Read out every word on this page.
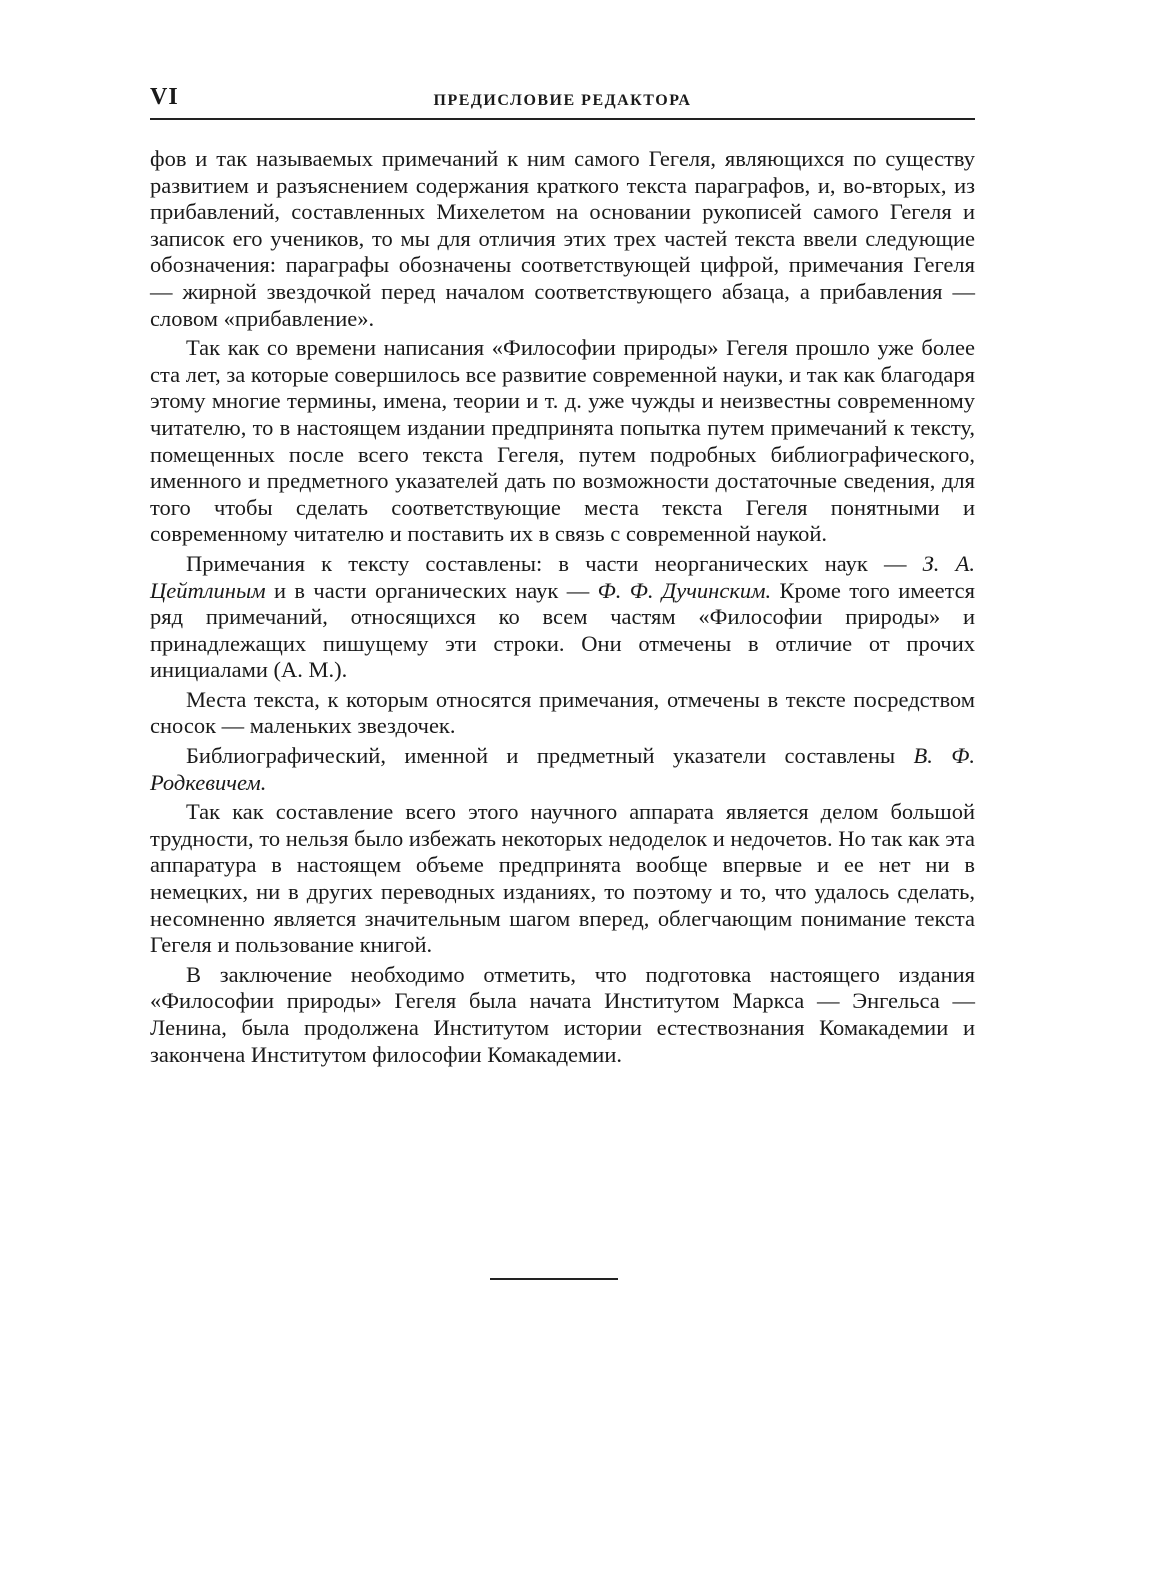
VI	ПРЕДИСЛОВИЕ РЕДАКТОРА

фов и так называемых примечаний к ним самого Гегеля, являющихся по существу развитием и разъяснением содержания краткого текста параграфов, и, во-вторых, из прибавлений, составленных Михелетом на основании рукописей самого Гегеля и записок его учеников, то мы для отличия этих трех частей текста ввели следующие обозначения: параграфы обозначены соответствующей цифрой, примечания Гегеля — жирной звездочкой перед началом соответствующего абзаца, а прибавления — словом «прибавление».

Так как со времени написания «Философии природы» Гегеля прошло уже более ста лет, за которые совершилось все развитие современной науки, и так как благодаря этому многие термины, имена, теории и т. д. уже чужды и неизвестны современному читателю, то в настоящем издании предпринята попытка путем примечаний к тексту, помещенных после всего текста Гегеля, путем подробных библиографического, именного и предметного указателей дать по возможности достаточные сведения, для того чтобы сделать соответствующие места текста Гегеля понятными и современному читателю и поставить их в связь с современной наукой.

Примечания к тексту составлены: в части неорганических наук — З. А. Цейтлиным и в части органических наук — Ф. Ф. Дучинским. Кроме того имеется ряд примечаний, относящихся ко всем частям «Философии природы» и принадлежащих пишущему эти строки. Они отмечены в отличие от прочих инициалами (А. М.).

Места текста, к которым относятся примечания, отмечены в тексте посредством сносок — маленьких звездочек.

Библиографический, именной и предметный указатели составлены В. Ф. Родкевичем.

Так как составление всего этого научного аппарата является делом большой трудности, то нельзя было избежать некоторых недоделок и недочетов. Но так как эта аппаратура в настоящем объеме предпринята вообще впервые и ее нет ни в немецких, ни в других переводных изданиях, то поэтому и то, что удалось сделать, несомненно является значительным шагом вперед, облегчающим понимание текста Гегеля и пользование книгой.

В заключение необходимо отметить, что подготовка настоящего издания «Философии природы» Гегеля была начата Институтом Маркса — Энгельса — Ленина, была продолжена Институтом истории естествознания Комакадемии и закончена Институтом философии Комакадемии.
